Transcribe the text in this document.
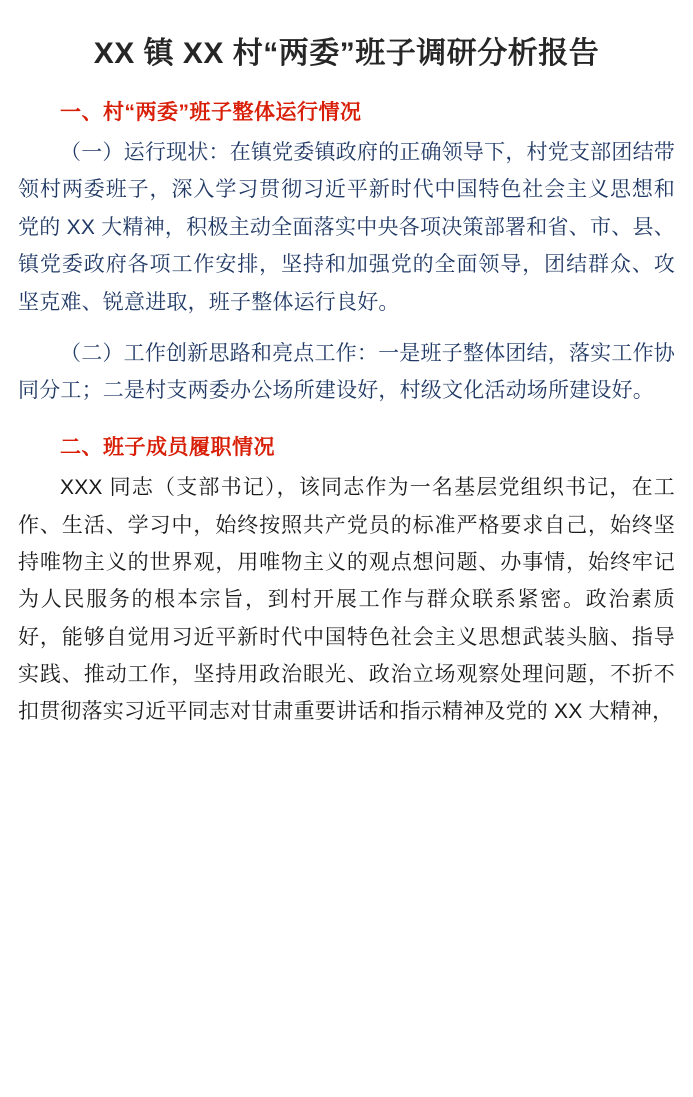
XX 镇 XX 村“两委”班子调研分析报告
一、村“两委”班子整体运行情况

（一）运行现状：在镇党委镇政府的正确领导下，村党支部团结带领村两委班子，深入学习贯彻习近平新时代中国特色社会主义思想和党的 XX 大精神，积极主动全面落实中央各项决策部署和省、市、县、镇党委政府各项工作安排，坚持和加强党的全面领导，团结群众、攻坚克难、锐意进取，班子整体运行良好。

（二）工作创新思路和亮点工作：一是班子整体团结，落实工作协同分工；二是村支两委办公场所建设好，村级文化活动场所建设好。

二、班子成员履职情况

XXX 同志（支部书记），该同志作为一名基层党组织书记，在工作、生活、学习中，始终按照共产党员的标准严格要求自己，始终坚持唯物主义的世界观，用唯物主义的观点想问题、办事情，始终牢记为人民服务的根本宗旨，到村开展工作与群众联系紧密。政治素质好，能够自觉用习近平新时代中国特色社会主义思想武装头脑、指导实践、推动工作，坚持用政治眼光、政治立场观察处理问题，不折不扣贯彻落实习近平同志对甘肃重要讲话和指示精神及党的 XX 大精神，
